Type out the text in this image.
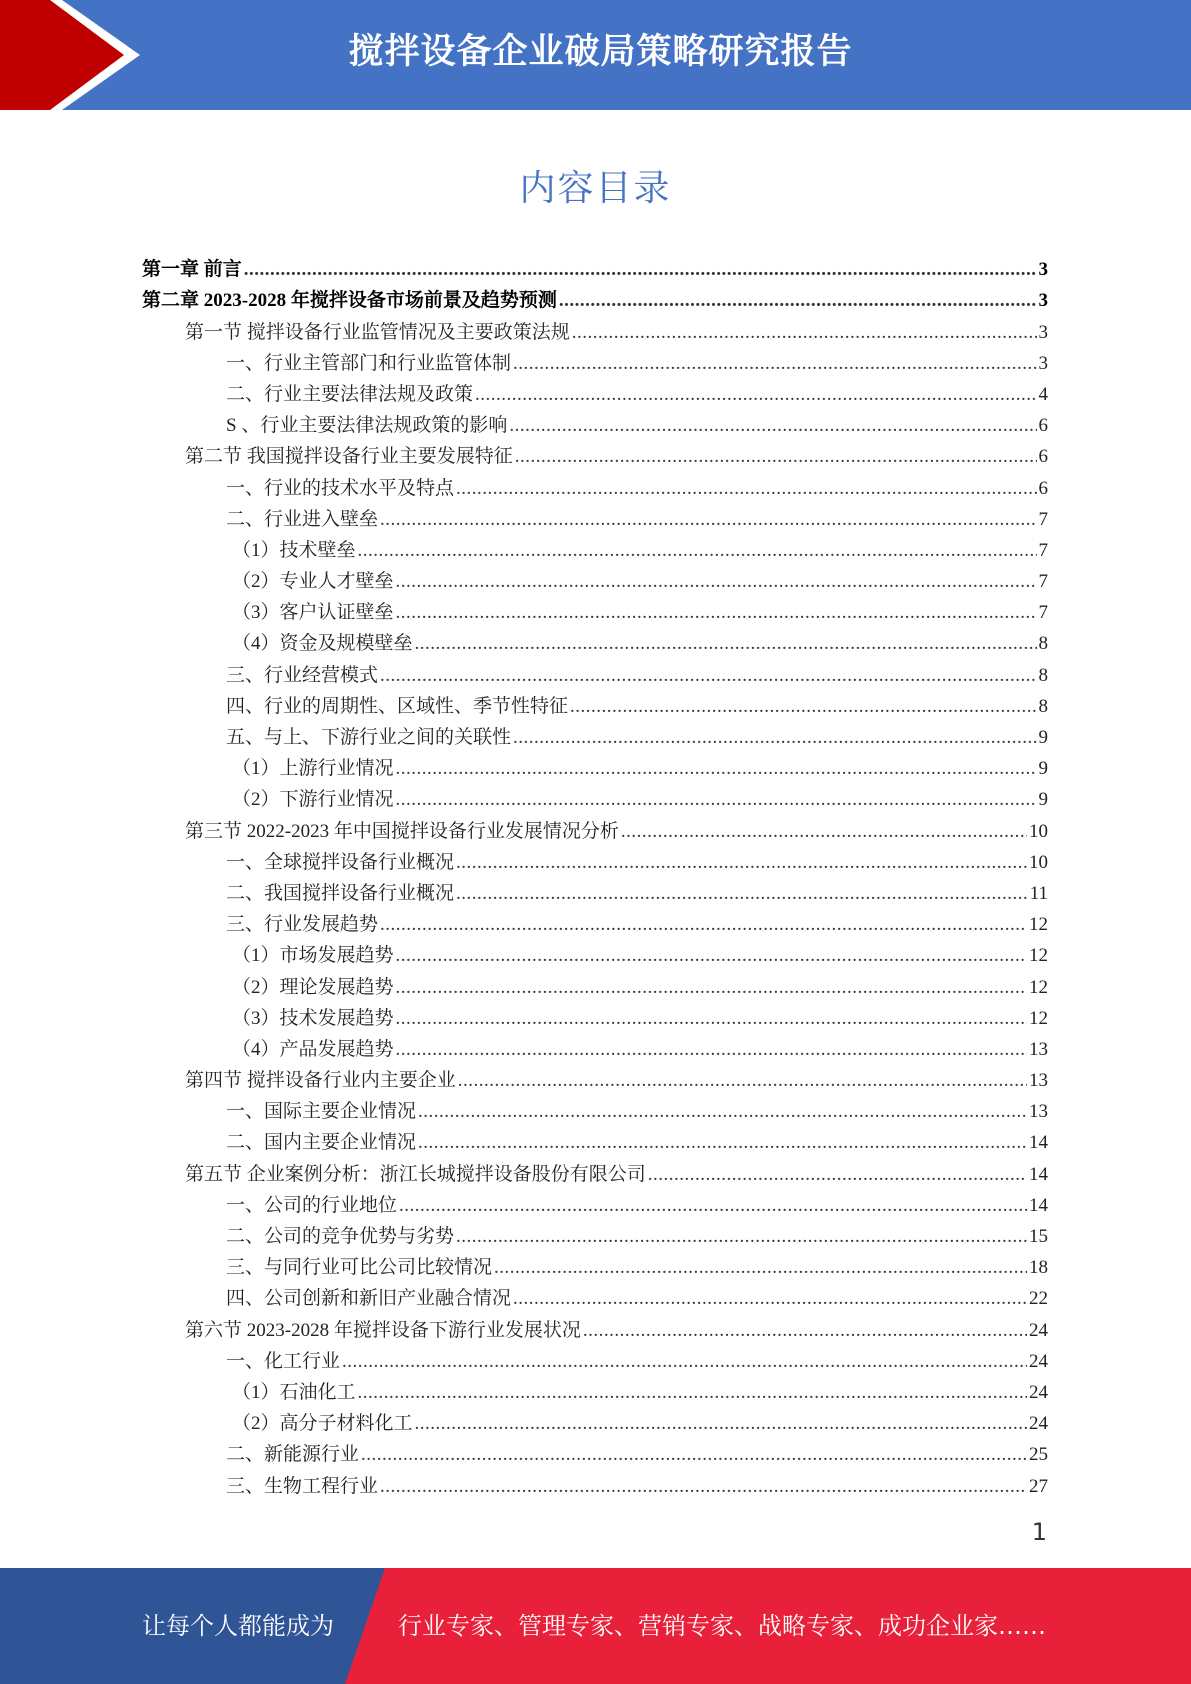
搅拌设备企业破局策略研究报告
内容目录
第一章 前言 .....	3
第二章 2023-2028 年搅拌设备市场前景及趋势预测 .....	3
第一节 搅拌设备行业监管情况及主要政策法规 .....	3
一、行业主管部门和行业监管体制 .....	3
二、行业主要法律法规及政策 .....	4
S 、行业主要法律法规政策的影响 .....	6
第二节 我国搅拌设备行业主要发展特征 .....	6
一、行业的技术水平及特点 .....	6
二、行业进入壁垒 .....	7
（1）技术壁垒 .....	7
（2）专业人才壁垒 .....	7
（3）客户认证壁垒 .....	7
（4）资金及规模壁垒 .....	8
三、行业经营模式 .....	8
四、行业的周期性、区域性、季节性特征 .....	8
五、与上、下游行业之间的关联性 .....	9
（1）上游行业情况 .....	9
（2）下游行业情况 .....	9
第三节 2022-2023 年中国搅拌设备行业发展情况分析 .....	10
一、全球搅拌设备行业概况 .....	10
二、我国搅拌设备行业概况 .....	11
三、行业发展趋势 .....	12
（1）市场发展趋势 .....	12
（2）理论发展趋势 .....	12
（3）技术发展趋势 .....	12
（4）产品发展趋势 .....	13
第四节 搅拌设备行业内主要企业 .....	13
一、国际主要企业情况 .....	13
二、国内主要企业情况 .....	14
第五节 企业案例分析：浙江长城搅拌设备股份有限公司 .....	14
一、公司的行业地位 .....	14
二、公司的竞争优势与劣势 .....	15
三、与同行业可比公司比较情况 .....	18
四、公司创新和新旧产业融合情况 .....	22
第六节 2023-2028 年搅拌设备下游行业发展状况 .....	24
一、化工行业 .....	24
（1）石油化工 .....	24
（2）高分子材料化工 .....	24
二、新能源行业 .....	25
三、生物工程行业 .....	27
1
让每个人都能成为	行业专家、管理专家、营销专家、战略专家、成功企业家……
